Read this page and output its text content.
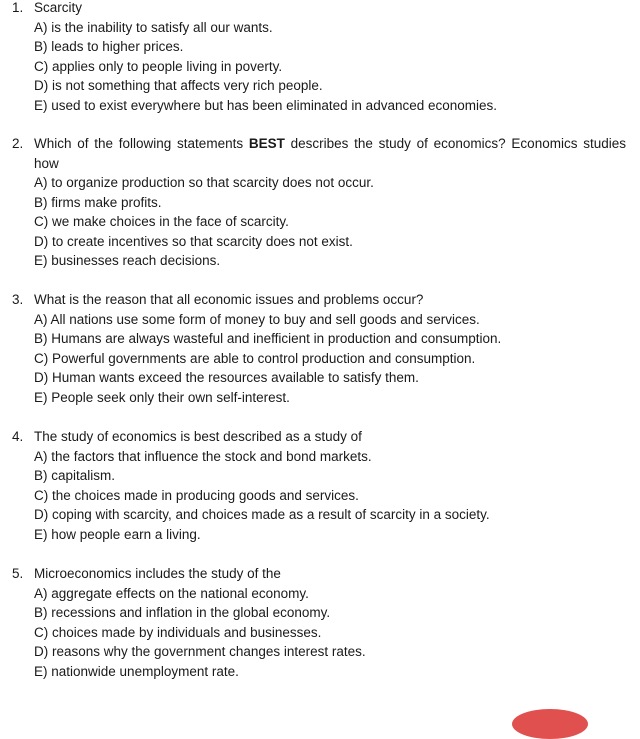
1. Scarcity
A) is the inability to satisfy all our wants.
B) leads to higher prices.
C) applies only to people living in poverty.
D) is not something that affects very rich people.
E) used to exist everywhere but has been eliminated in advanced economies.
2. Which of the following statements BEST describes the study of economics? Economics studies how
A) to organize production so that scarcity does not occur.
B) firms make profits.
C) we make choices in the face of scarcity.
D) to create incentives so that scarcity does not exist.
E) businesses reach decisions.
3. What is the reason that all economic issues and problems occur?
A) All nations use some form of money to buy and sell goods and services.
B) Humans are always wasteful and inefficient in production and consumption.
C) Powerful governments are able to control production and consumption.
D) Human wants exceed the resources available to satisfy them.
E) People seek only their own self-interest.
4. The study of economics is best described as a study of
A) the factors that influence the stock and bond markets.
B) capitalism.
C) the choices made in producing goods and services.
D) coping with scarcity, and choices made as a result of scarcity in a society.
E) how people earn a living.
5. Microeconomics includes the study of the
A) aggregate effects on the national economy.
B) recessions and inflation in the global economy.
C) choices made by individuals and businesses.
D) reasons why the government changes interest rates.
E) nationwide unemployment rate.
